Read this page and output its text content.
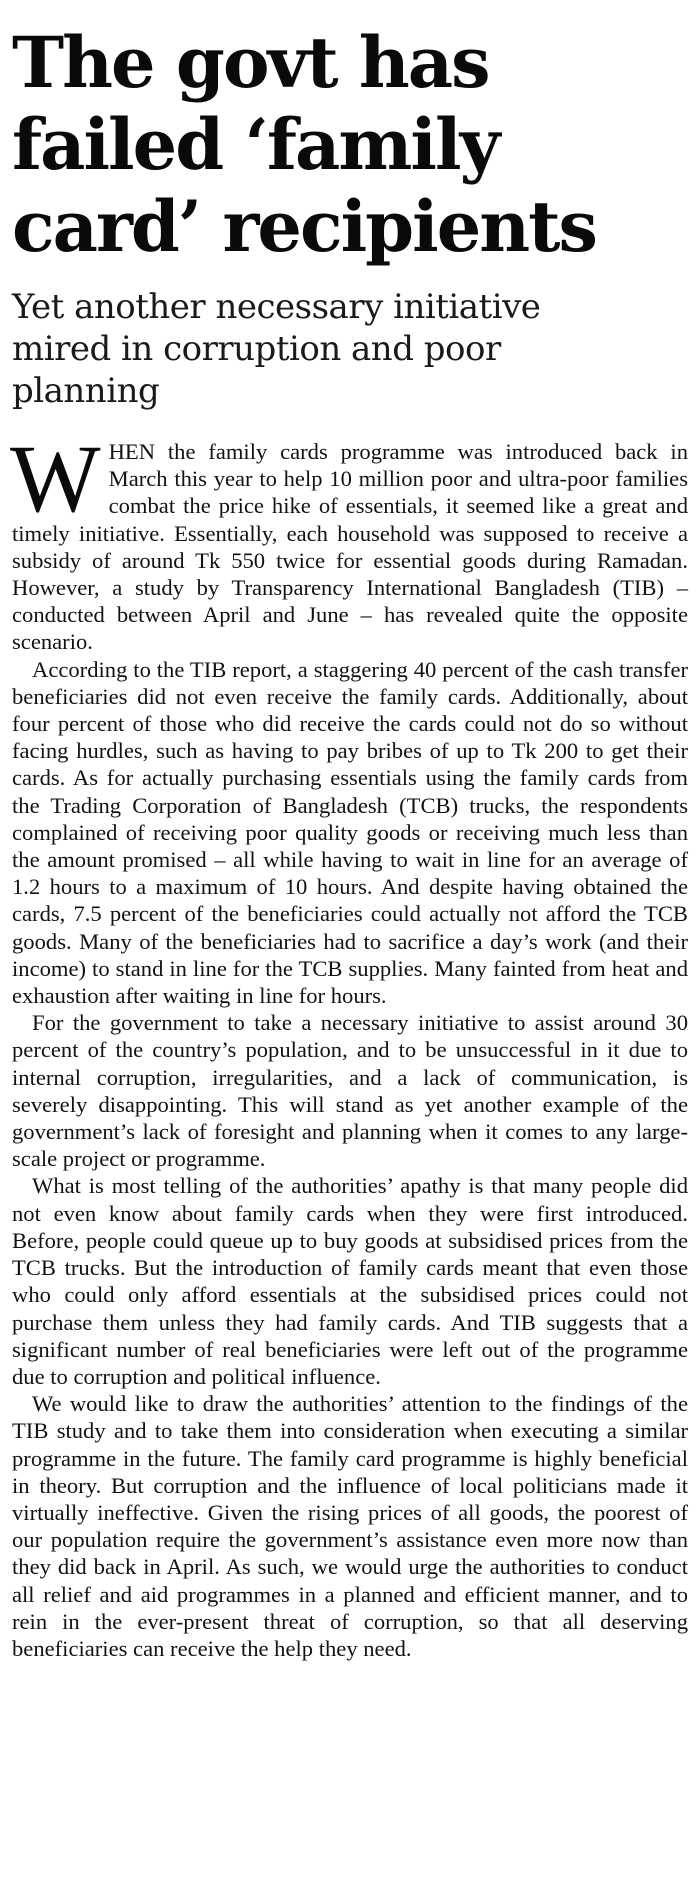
The govt has
failed ‘family
card’ recipients
Yet another necessary initiative
mired in corruption and poor
planning

WHEN the family cards programme was introduced back in March this year to help 10 million poor and ultra-poor families combat the price hike of essentials, it seemed like a great and timely initiative. Essentially, each household was supposed to receive a subsidy of around Tk 550 twice for essential goods during Ramadan. However, a study by Transparency International Bangladesh (TIB) – conducted between April and June – has revealed quite the opposite scenario.

According to the TIB report, a staggering 40 percent of the cash transfer beneficiaries did not even receive the family cards. Additionally, about four percent of those who did receive the cards could not do so without facing hurdles, such as having to pay bribes of up to Tk 200 to get their cards. As for actually purchasing essentials using the family cards from the Trading Corporation of Bangladesh (TCB) trucks, the respondents complained of receiving poor quality goods or receiving much less than the amount promised – all while having to wait in line for an average of 1.2 hours to a maximum of 10 hours. And despite having obtained the cards, 7.5 percent of the beneficiaries could actually not afford the TCB goods. Many of the beneficiaries had to sacrifice a day’s work (and their income) to stand in line for the TCB supplies. Many fainted from heat and exhaustion after waiting in line for hours.

For the government to take a necessary initiative to assist around 30 percent of the country’s population, and to be unsuccessful in it due to internal corruption, irregularities, and a lack of communication, is severely disappointing. This will stand as yet another example of the government’s lack of foresight and planning when it comes to any large-scale project or programme.

What is most telling of the authorities’ apathy is that many people did not even know about family cards when they were first introduced. Before, people could queue up to buy goods at subsidised prices from the TCB trucks. But the introduction of family cards meant that even those who could only afford essentials at the subsidised prices could not purchase them unless they had family cards. And TIB suggests that a significant number of real beneficiaries were left out of the programme due to corruption and political influence.

We would like to draw the authorities’ attention to the findings of the TIB study and to take them into consideration when executing a similar programme in the future. The family card programme is highly beneficial in theory. But corruption and the influence of local politicians made it virtually ineffective. Given the rising prices of all goods, the poorest of our population require the government’s assistance even more now than they did back in April. As such, we would urge the authorities to conduct all relief and aid programmes in a planned and efficient manner, and to rein in the ever-present threat of corruption, so that all deserving beneficiaries can receive the help they need.
